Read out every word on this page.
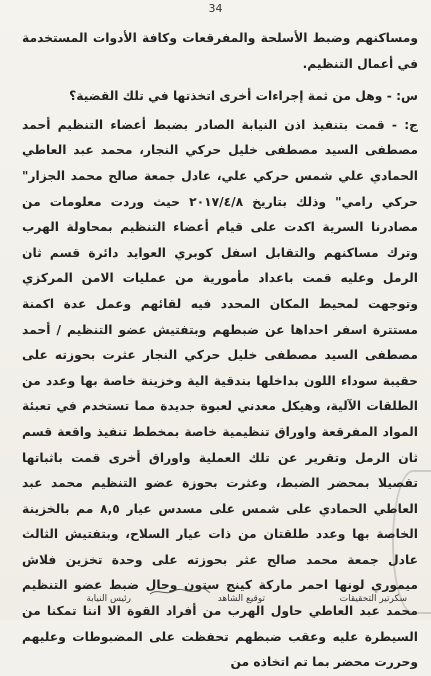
34

ومساكنهم وضبط الأسلحة والمفرقعات وكافة الأدوات المستخدمة في أعمال التنظيم.

س: - وهل من ثمة إجراءات أخرى اتخذتها في تلك القضية؟

ج: - قمت بتنفيذ اذن النيابة الصادر بضبط أعضاء التنظيم أحمد مصطفى السيد مصطفى خليل حركي النجار، محمد عبد العاطي الحمادي علي شمس حركي علي، عادل جمعة صالح محمد الجزار" حركي رامي" وذلك بتاريخ ٢٠١٧/٤/٨ حيث وردت معلومات من مصادرنا السرية اكدت على قيام أعضاء التنظيم بمحاولة الهرب وترك مساكنهم والتقابل اسفل كوبري العوايد دائرة قسم ثان الرمل وعليه قمت باعداد مأمورية من عمليات الامن المركزي وتوجهت لمحيط المكان المحدد فيه لقائهم وعمل عدة اكمنة مستترة اسفر احداها عن ضبطهم وبتفتيش عضو التنظيم / أحمد مصطفى السيد مصطفى خليل حركي النجار عثرت بحوزته على حقيبة سوداء اللون بداخلها بندقية الية وخزينة خاصة بها وعدد من الطلقات الآلية، وهيكل معدني لعبوة جديدة مما تستخدم في تعبئة المواد المفرقعة واوراق تنظيمية خاصة بمخطط تنفيذ واقعة قسم ثان الرمل وتقرير عن تلك العملية واوراق أخرى قمت باثباتها تفصيلا بمحضر الضبط، وعثرت بحوزة عضو التنظيم محمد عبد العاطي الحمادي على شمس على مسدس عيار ٨,٥ مم بالخزينة الخاصة بها وعدد طلقتان من ذات عيار السلاح، وبتفتيش الثالث عادل جمعة محمد صالح عثر بحوزته على وحدة تخزين فلاش ميموري لونها احمر ماركة كينج ستون وحال ضبط عضو التنظيم محمد عبد العاطي حاول الهرب من أفراد القوة الا اننا تمكنا من السيطرة عليه وعقب ضبطهم تحفظت على المضبوطات وعليهم وحررت محضر بما تم اتخاذه من

سكرتير التحقيقات
توقيع الشاهد
رئيس النيابة
